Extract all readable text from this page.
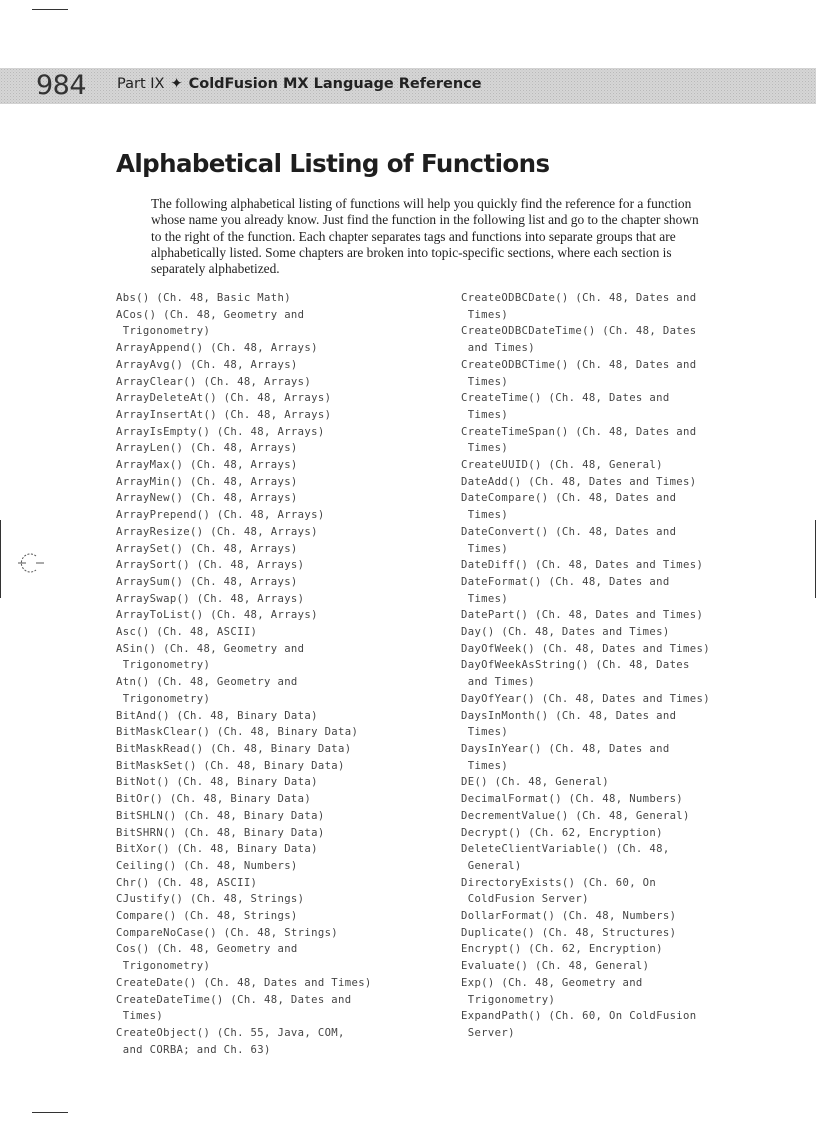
984 Part IX ✦ ColdFusion MX Language Reference
Alphabetical Listing of Functions
The following alphabetical listing of functions will help you quickly find the reference for a function whose name you already know. Just find the function in the following list and go to the chapter shown to the right of the function. Each chapter separates tags and functions into separate groups that are alphabetically listed. Some chapters are broken into topic-specific sections, where each section is separately alphabetized.
Abs() (Ch. 48, Basic Math)
ACos() (Ch. 48, Geometry and
Trigonometry)
ArrayAppend() (Ch. 48, Arrays)
ArrayAvg() (Ch. 48, Arrays)
ArrayClear() (Ch. 48, Arrays)
ArrayDeleteAt() (Ch. 48, Arrays)
ArrayInsertAt() (Ch. 48, Arrays)
ArrayIsEmpty() (Ch. 48, Arrays)
ArrayLen() (Ch. 48, Arrays)
ArrayMax() (Ch. 48, Arrays)
ArrayMin() (Ch. 48, Arrays)
ArrayNew() (Ch. 48, Arrays)
ArrayPrepend() (Ch. 48, Arrays)
ArrayResize() (Ch. 48, Arrays)
ArraySet() (Ch. 48, Arrays)
ArraySort() (Ch. 48, Arrays)
ArraySum() (Ch. 48, Arrays)
ArraySwap() (Ch. 48, Arrays)
ArrayToList() (Ch. 48, Arrays)
Asc() (Ch. 48, ASCII)
ASin() (Ch. 48, Geometry and
Trigonometry)
Atn() (Ch. 48, Geometry and
Trigonometry)
BitAnd() (Ch. 48, Binary Data)
BitMaskClear() (Ch. 48, Binary Data)
BitMaskRead() (Ch. 48, Binary Data)
BitMaskSet() (Ch. 48, Binary Data)
BitNot() (Ch. 48, Binary Data)
BitOr() (Ch. 48, Binary Data)
BitSHLN() (Ch. 48, Binary Data)
BitSHRN() (Ch. 48, Binary Data)
BitXor() (Ch. 48, Binary Data)
Ceiling() (Ch. 48, Numbers)
Chr() (Ch. 48, ASCII)
CJustify() (Ch. 48, Strings)
Compare() (Ch. 48, Strings)
CompareNoCase() (Ch. 48, Strings)
Cos() (Ch. 48, Geometry and
Trigonometry)
CreateDate() (Ch. 48, Dates and Times)
CreateDateTime() (Ch. 48, Dates and
Times)
CreateObject() (Ch. 55, Java, COM,
and CORBA; and Ch. 63)
CreateODBCDate() (Ch. 48, Dates and
Times)
CreateODBCDateTime() (Ch. 48, Dates
and Times)
CreateODBCTime() (Ch. 48, Dates and
Times)
CreateTime() (Ch. 48, Dates and
Times)
CreateTimeSpan() (Ch. 48, Dates and
Times)
CreateUUID() (Ch. 48, General)
DateAdd() (Ch. 48, Dates and Times)
DateCompare() (Ch. 48, Dates and
Times)
DateConvert() (Ch. 48, Dates and
Times)
DateDiff() (Ch. 48, Dates and Times)
DateFormat() (Ch. 48, Dates and
Times)
DatePart() (Ch. 48, Dates and Times)
Day() (Ch. 48, Dates and Times)
DayOfWeek() (Ch. 48, Dates and Times)
DayOfWeekAsString() (Ch. 48, Dates
and Times)
DayOfYear() (Ch. 48, Dates and Times)
DaysInMonth() (Ch. 48, Dates and
Times)
DaysInYear() (Ch. 48, Dates and
Times)
DE() (Ch. 48, General)
DecimalFormat() (Ch. 48, Numbers)
DecrementValue() (Ch. 48, General)
Decrypt() (Ch. 62, Encryption)
DeleteClientVariable() (Ch. 48,
General)
DirectoryExists() (Ch. 60, On
ColdFusion Server)
DollarFormat() (Ch. 48, Numbers)
Duplicate() (Ch. 48, Structures)
Encrypt() (Ch. 62, Encryption)
Evaluate() (Ch. 48, General)
Exp() (Ch. 48, Geometry and
Trigonometry)
ExpandPath() (Ch. 60, On ColdFusion
Server)
